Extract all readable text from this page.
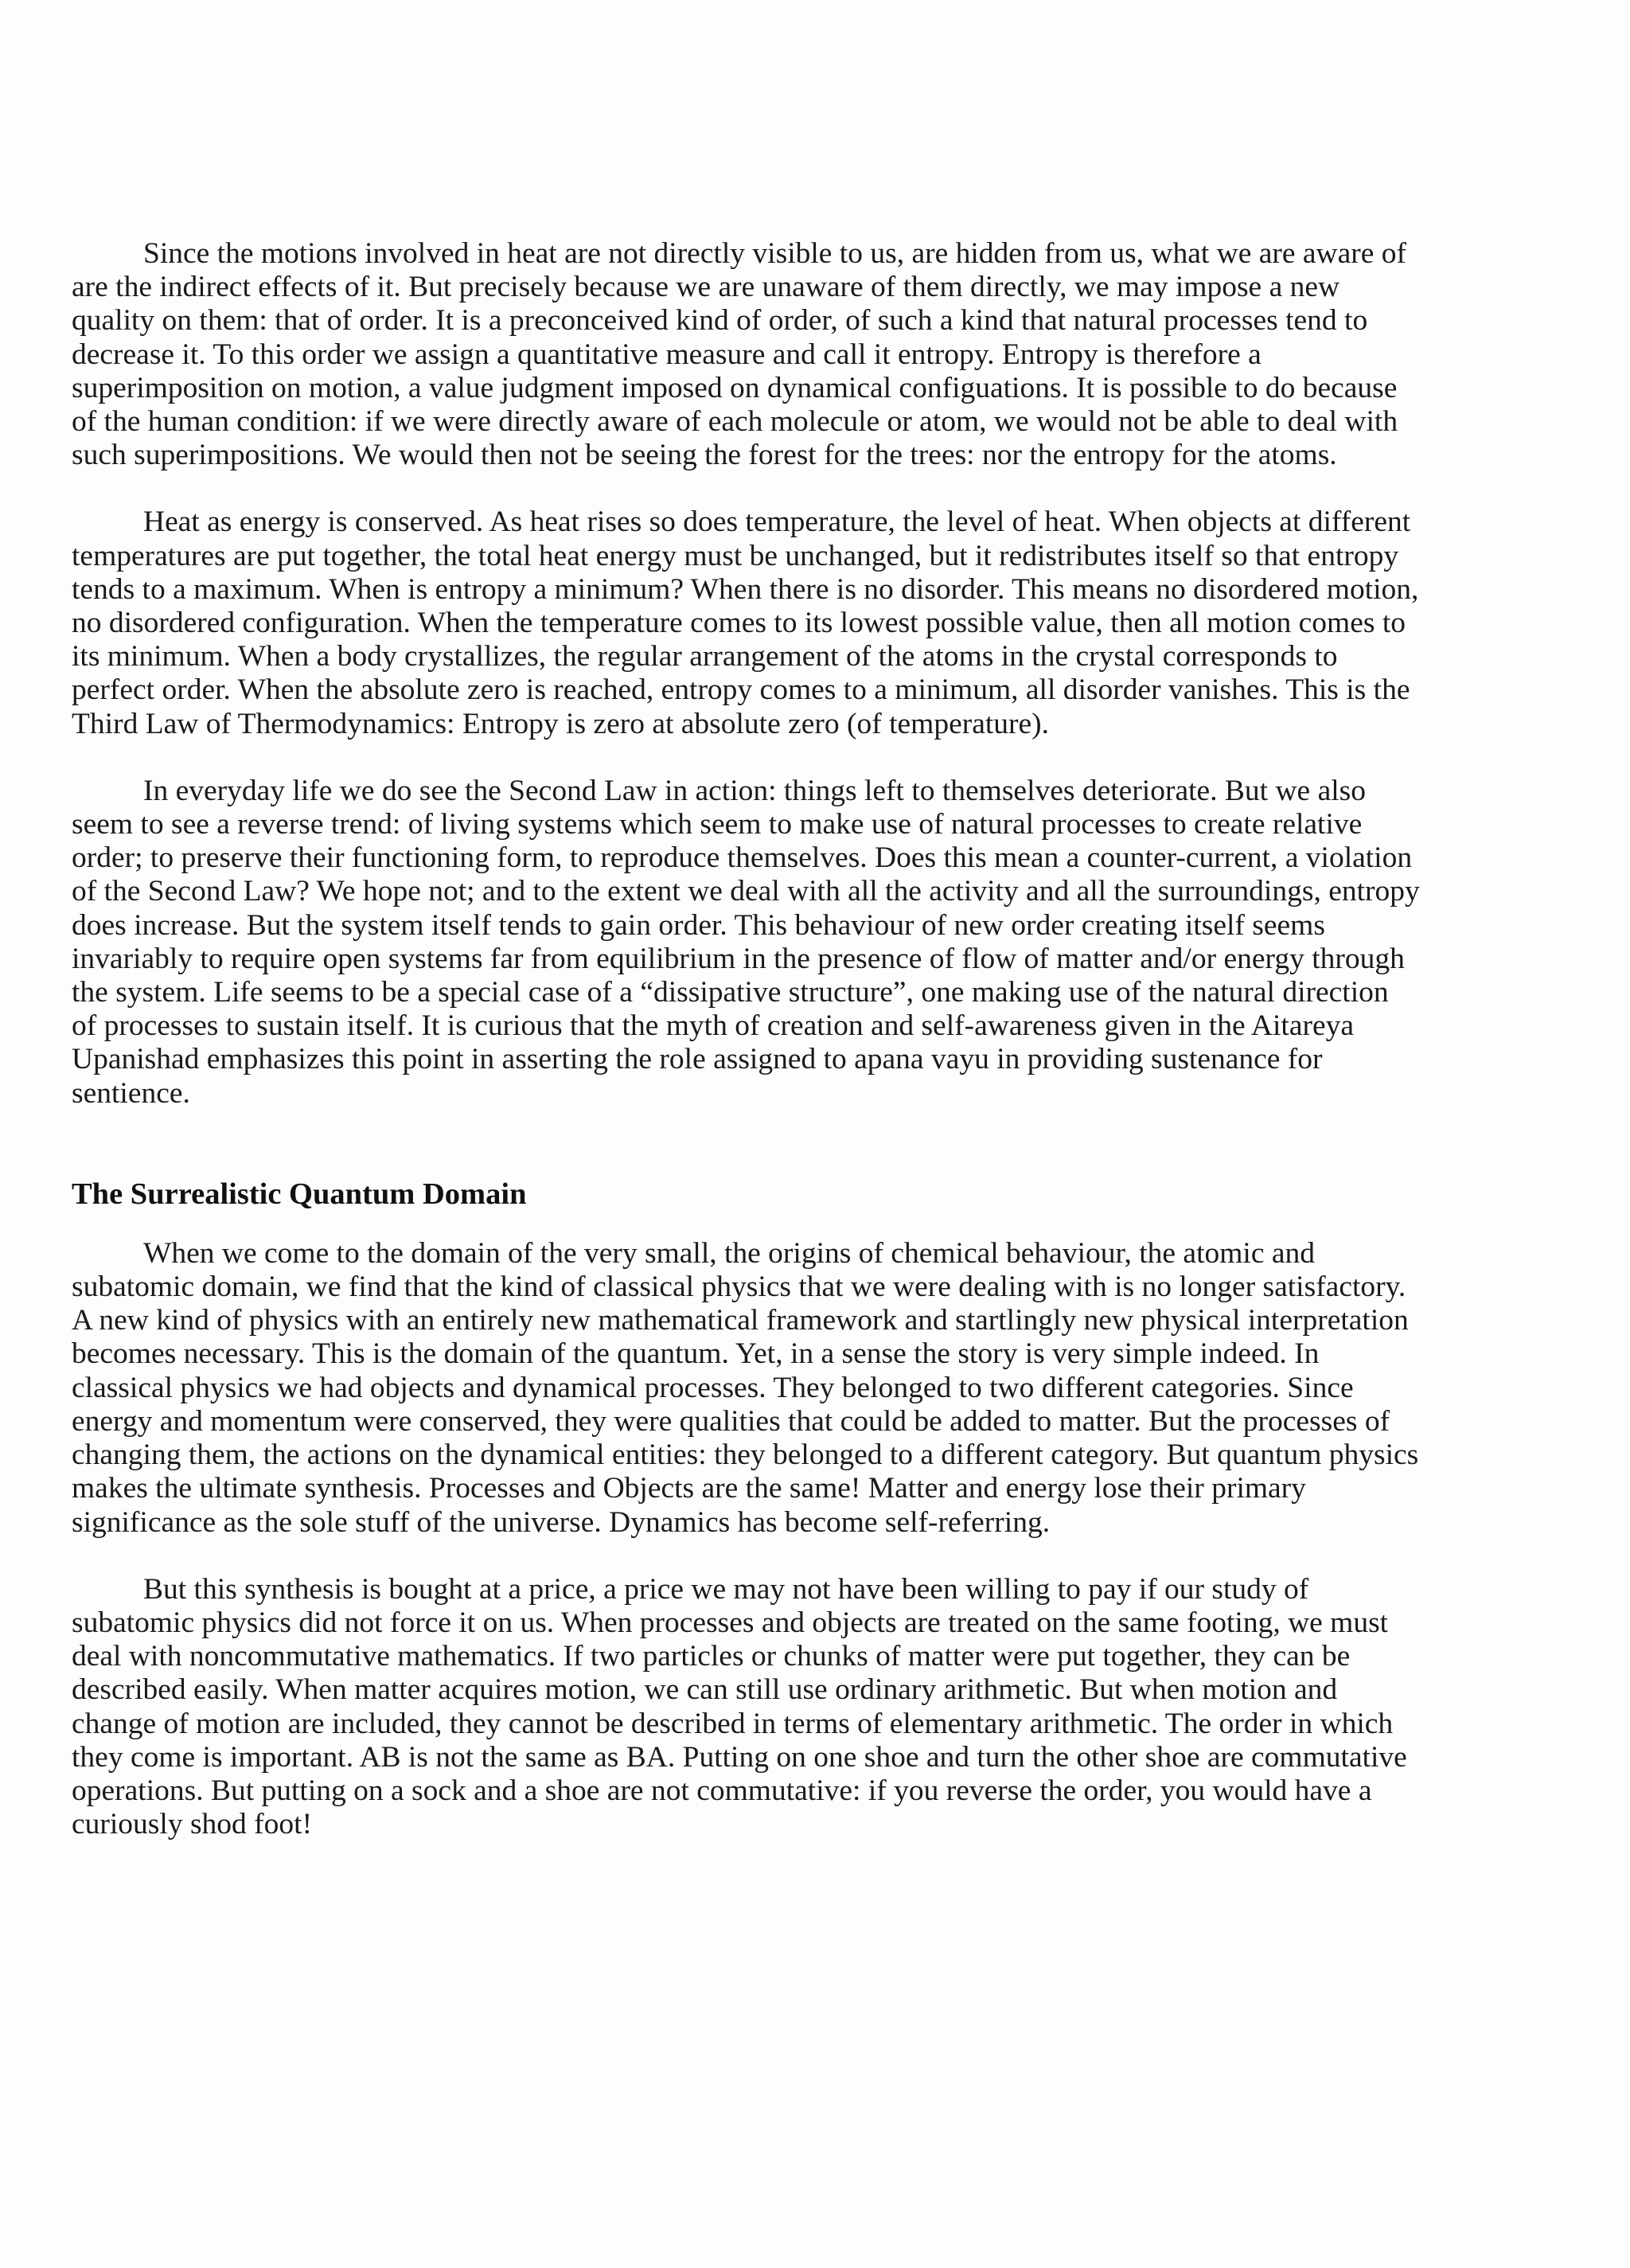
Since the motions involved in heat are not directly visible to us, are hidden from us, what we are aware of are the indirect effects of it. But precisely because we are unaware of them directly, we may impose a new quality on them: that of order. It is a preconceived kind of order, of such a kind that natural processes tend to decrease it. To this order we assign a quantitative measure and call it entropy. Entropy is therefore a superimposition on motion, a value judgment imposed on dynamical configuations. It is possible to do because of the human condition: if we were directly aware of each molecule or atom, we would not be able to deal with such superimpositions. We would then not be seeing the forest for the trees: nor the entropy for the atoms.

Heat as energy is conserved. As heat rises so does temperature, the level of heat. When objects at different temperatures are put together, the total heat energy must be unchanged, but it redistributes itself so that entropy tends to a maximum. When is entropy a minimum? When there is no disorder. This means no disordered motion, no disordered configuration. When the temperature comes to its lowest possible value, then all motion comes to its minimum. When a body crystallizes, the regular arrangement of the atoms in the crystal corresponds to perfect order. When the absolute zero is reached, entropy comes to a minimum, all disorder vanishes. This is the Third Law of Thermodynamics: Entropy is zero at absolute zero (of temperature).

In everyday life we do see the Second Law in action: things left to themselves deteriorate. But we also seem to see a reverse trend: of living systems which seem to make use of natural processes to create relative order; to preserve their functioning form, to reproduce themselves. Does this mean a counter-current, a violation of the Second Law? We hope not; and to the extent we deal with all the activity and all the surroundings, entropy does increase. But the system itself tends to gain order. This behaviour of new order creating itself seems invariably to require open systems far from equilibrium in the presence of flow of matter and/or energy through the system. Life seems to be a special case of a “dissipative structure”, one making use of the natural direction of processes to sustain itself. It is curious that the myth of creation and self-awareness given in the Aitareya Upanishad emphasizes this point in asserting the role assigned to apana vayu in providing sustenance for sentience.

The Surrealistic Quantum Domain

When we come to the domain of the very small, the origins of chemical behaviour, the atomic and subatomic domain, we find that the kind of classical physics that we were dealing with is no longer satisfactory. A new kind of physics with an entirely new mathematical framework and startlingly new physical interpretation becomes necessary. This is the domain of the quantum. Yet, in a sense the story is very simple indeed. In classical physics we had objects and dynamical processes. They belonged to two different categories. Since energy and momentum were conserved, they were qualities that could be added to matter. But the processes of changing them, the actions on the dynamical entities: they belonged to a different category. But quantum physics makes the ultimate synthesis. Processes and Objects are the same! Matter and energy lose their primary significance as the sole stuff of the universe. Dynamics has become self-referring.

But this synthesis is bought at a price, a price we may not have been willing to pay if our study of subatomic physics did not force it on us. When processes and objects are treated on the same footing, we must deal with noncommutative mathematics. If two particles or chunks of matter were put together, they can be described easily. When matter acquires motion, we can still use ordinary arithmetic. But when motion and change of motion are included, they cannot be described in terms of elementary arithmetic. The order in which they come is important. AB is not the same as BA. Putting on one shoe and turn the other shoe are commutative operations. But putting on a sock and a shoe are not commutative: if you reverse the order, you would have a curiously shod foot!
